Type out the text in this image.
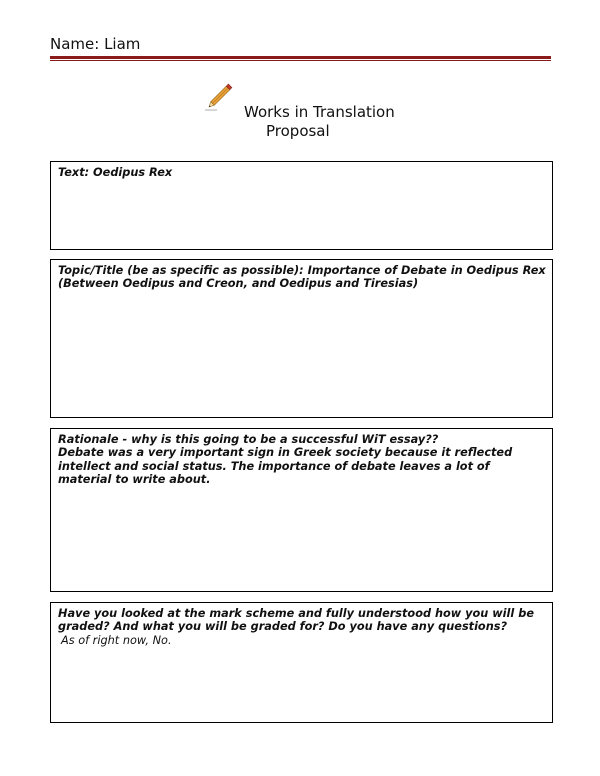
Name: Liam
Works in Translation
Proposal

Text: Oedipus Rex

Topic/Title (be as specific as possible): Importance of Debate in Oedipus Rex (Between Oedipus and Creon, and Oedipus and Tiresias)

Rationale - why is this going to be a successful WiT essay??

Debate was a very important sign in Greek society because it reflected intellect and social status. The importance of debate leaves a lot of material to write about.

Have you looked at the mark scheme and fully understood how you will be graded? And what you will be graded for? Do you have any questions?

As of right now, No.
